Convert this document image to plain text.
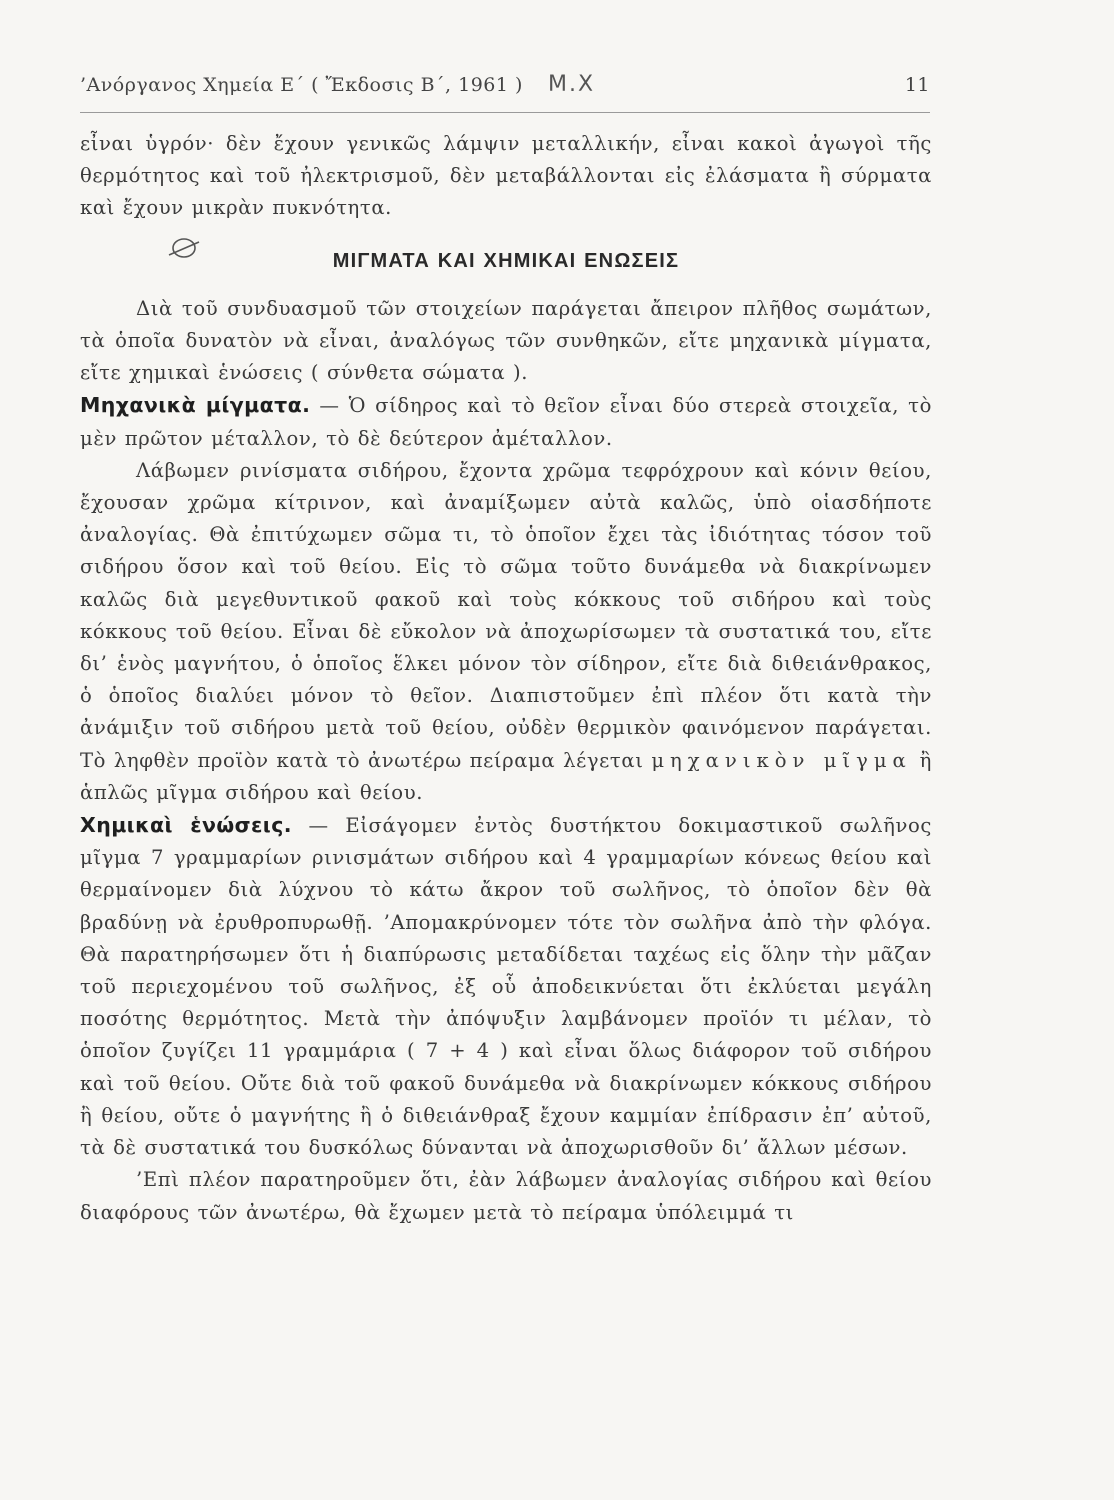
’Ανόργανος Χημεία Ε΄ ( Ἔκδοσις Β΄, 1961 ) Μ.Χ	11

εἶναι ὑγρόν· δὲν ἔχουν γενικῶς λάμψιν μεταλλικήν, εἶναι κακοὶ ἀγωγοὶ τῆς θερμότητος καὶ τοῦ ἠλεκτρισμοῦ, δὲν μεταβάλλονται εἰς ἐλάσματα ἢ σύρματα καὶ ἔχουν μικρὰν πυκνότητα.

ΜΙΓΜΑΤΑ ΚΑΙ ΧΗΜΙΚΑΙ ΕΝΩΣΕΙΣ

Διὰ τοῦ συνδυασμοῦ τῶν στοιχείων παράγεται ἄπειρον πλῆθος σωμάτων, τὰ ὁποῖα δυνατὸν νὰ εἶναι, ἀναλόγως τῶν συνθηκῶν, εἴτε μηχανικὰ μίγματα, εἴτε χημικαὶ ἑνώσεις ( σύνθετα σώματα ).

Μηχανικὰ μίγματα. — Ὁ σίδηρος καὶ τὸ θεῖον εἶναι δύο στερεὰ στοιχεῖα, τὸ μὲν πρῶτον μέταλλον, τὸ δὲ δεύτερον ἀμέταλλον.

Λάβωμεν ρινίσματα σιδήρου, ἔχοντα χρῶμα τεφρόχρουν καὶ κόνιν θείου, ἔχουσαν χρῶμα κίτρινον, καὶ ἀναμίξωμεν αὐτὰ καλῶς, ὑπὸ οἱασδήποτε ἀναλογίας. Θὰ ἐπιτύχωμεν σῶμα τι, τὸ ὁποῖον ἔχει τὰς ἰδιότητας τόσον τοῦ σιδήρου ὅσον καὶ τοῦ θείου. Εἰς τὸ σῶμα τοῦτο δυνάμεθα νὰ διακρίνωμεν καλῶς διὰ μεγεθυντικοῦ φακοῦ καὶ τοὺς κόκκους τοῦ σιδήρου καὶ τοὺς κόκκους τοῦ θείου. Εἶναι δὲ εὔκολον νὰ ἀποχωρίσωμεν τὰ συστατικά του, εἴτε δι’ ἑνὸς μαγνήτου, ὁ ὁποῖος ἕλκει μόνον τὸν σίδηρον, εἴτε διὰ διθειάνθρακος, ὁ ὁποῖος διαλύει μόνον τὸ θεῖον. Διαπιστοῦμεν ἐπὶ πλέον ὅτι κατὰ τὴν ἀνάμιξιν τοῦ σιδήρου μετὰ τοῦ θείου, οὐδὲν θερμικὸν φαινόμενον παράγεται. Τὸ ληφθὲν προϊὸν κατὰ τὸ ἀνωτέρω πείραμα λέγεται μηχανικὸν μῖγμα ἢ ἁπλῶς μῖγμα σιδήρου καὶ θείου.

Χημικαὶ ἑνώσεις. — Εἰσάγομεν ἐντὸς δυστήκτου δοκιμαστικοῦ σωλῆνος μῖγμα 7 γραμμαρίων ρινισμάτων σιδήρου καὶ 4 γραμμαρίων κόνεως θείου καὶ θερμαίνομεν διὰ λύχνου τὸ κάτω ἄκρον τοῦ σωλῆνος, τὸ ὁποῖον δὲν θὰ βραδύνῃ νὰ ἐρυθροπυρωθῇ. ’Απομακρύνομεν τότε τὸν σωλῆνα ἀπὸ τὴν φλόγα. Θὰ παρατηρήσωμεν ὅτι ἡ διαπύρωσις μεταδίδεται ταχέως εἰς ὅλην τὴν μᾶζαν τοῦ περιεχομένου τοῦ σωλῆνος, ἐξ οὗ ἀποδεικνύεται ὅτι ἐκλύεται μεγάλη ποσότης θερμότητος. Μετὰ τὴν ἀπόψυξιν λαμβάνομεν προϊόν τι μέλαν, τὸ ὁποῖον ζυγίζει 11 γραμμάρια ( 7 + 4 ) καὶ εἶναι ὅλως διάφορον τοῦ σιδήρου καὶ τοῦ θείου. Οὔτε διὰ τοῦ φακοῦ δυνάμεθα νὰ διακρίνωμεν κόκκους σιδήρου ἢ θείου, οὔτε ὁ μαγνήτης ἢ ὁ διθειάνθραξ ἔχουν καμμίαν ἐπίδρασιν ἐπ’ αὐτοῦ, τὰ δὲ συστατικά του δυσκόλως δύνανται νὰ ἀποχωρισθοῦν δι’ ἄλλων μέσων.

’Επὶ πλέον παρατηροῦμεν ὅτι, ἐὰν λάβωμεν ἀναλογίας σιδήρου καὶ θείου διαφόρους τῶν ἀνωτέρω, θὰ ἔχωμεν μετὰ τὸ πείραμα ὑπόλειμμά τι
